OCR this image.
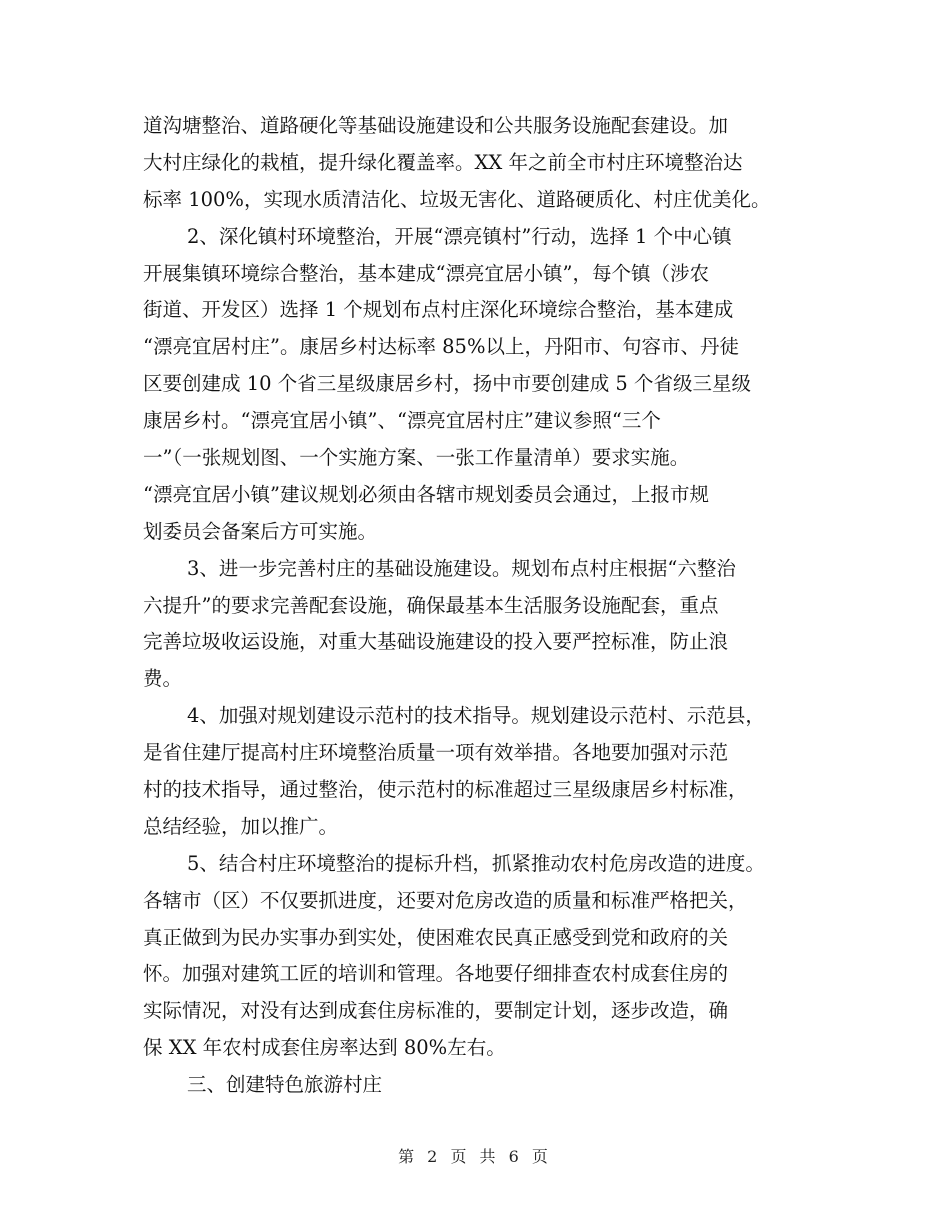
道沟塘整治、道路硬化等基础设施建设和公共服务设施配套建设。加
大村庄绿化的栽植，提升绿化覆盖率。XX 年之前全市村庄环境整治达
标率 100%，实现水质清洁化、垃圾无害化、道路硬质化、村庄优美化。
2、深化镇村环境整治，开展“漂亮镇村”行动，选择 1 个中心镇
开展集镇环境综合整治，基本建成“漂亮宜居小镇”，每个镇（涉农
街道、开发区）选择 1 个规划布点村庄深化环境综合整治，基本建成
“漂亮宜居村庄”。康居乡村达标率 85%以上，丹阳市、句容市、丹徒
区要创建成 10 个省三星级康居乡村，扬中市要创建成 5 个省级三星级
康居乡村。“漂亮宜居小镇”、“漂亮宜居村庄”建议参照“三个
一”（一张规划图、一个实施方案、一张工作量清单）要求实施。
“漂亮宜居小镇”建议规划必须由各辖市规划委员会通过，上报市规
划委员会备案后方可实施。
3、进一步完善村庄的基础设施建设。规划布点村庄根据“六整治
六提升”的要求完善配套设施，确保最基本生活服务设施配套，重点
完善垃圾收运设施，对重大基础设施建设的投入要严控标准，防止浪
费。
4、加强对规划建设示范村的技术指导。规划建设示范村、示范县，
是省住建厅提高村庄环境整治质量一项有效举措。各地要加强对示范
村的技术指导，通过整治，使示范村的标准超过三星级康居乡村标准，
总结经验，加以推广。
5、结合村庄环境整治的提标升档，抓紧推动农村危房改造的进度。
各辖市（区）不仅要抓进度，还要对危房改造的质量和标准严格把关，
真正做到为民办实事办到实处，使困难农民真正感受到党和政府的关
怀。加强对建筑工匠的培训和管理。各地要仔细排查农村成套住房的
实际情况，对没有达到成套住房标准的，要制定计划，逐步改造，确
保 XX 年农村成套住房率达到 80%左右。
三、创建特色旅游村庄
第 2 页 共 6 页
